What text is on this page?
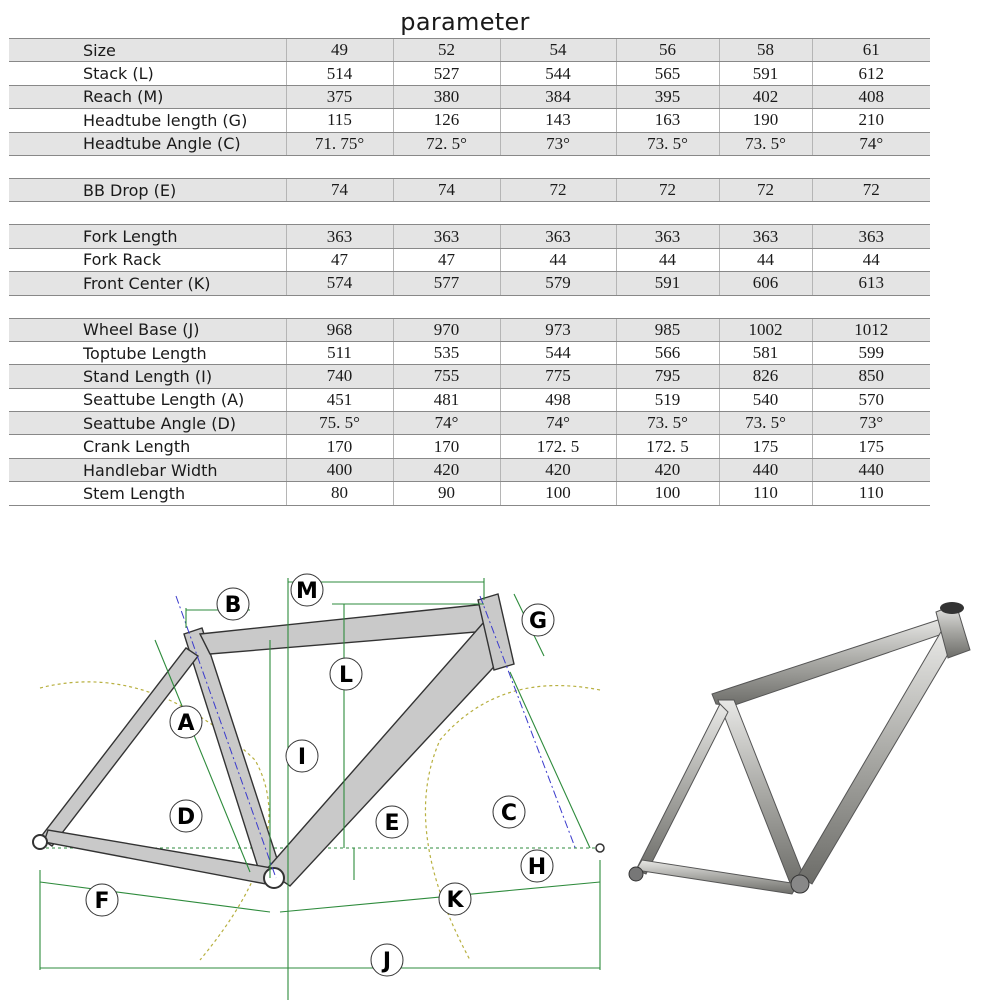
parameter
Size	49	52	54	56	58	61
Stack (L)	514	527	544	565	591	612
Reach (M)	375	380	384	395	402	408
Headtube length (G)	115	126	143	163	190	210
Headtube Angle (C)	71. 75°	72. 5°	73°	73. 5°	73. 5°	74°

BB Drop (E)	74	74	72	72	72	72

Fork Length	363	363	363	363	363	363
Fork Rack	47	47	44	44	44	44
Front Center (K)	574	577	579	591	606	613

Wheel Base (J)	968	970	973	985	1002	1012
Toptube Length	511	535	544	566	581	599
Stand Length (I)	740	755	775	795	826	850
Seattube Length (A)	451	481	498	519	540	570
Seattube Angle (D)	75. 5°	74°	74°	73. 5°	73. 5°	73°
Crank Length	170	170	172. 5	172. 5	175	175
Handlebar Width	400	420	420	420	440	440
Stem Length	80	90	100	100	110	110
M
B
G
L
A
I
D	E	C
H
F	K
J
